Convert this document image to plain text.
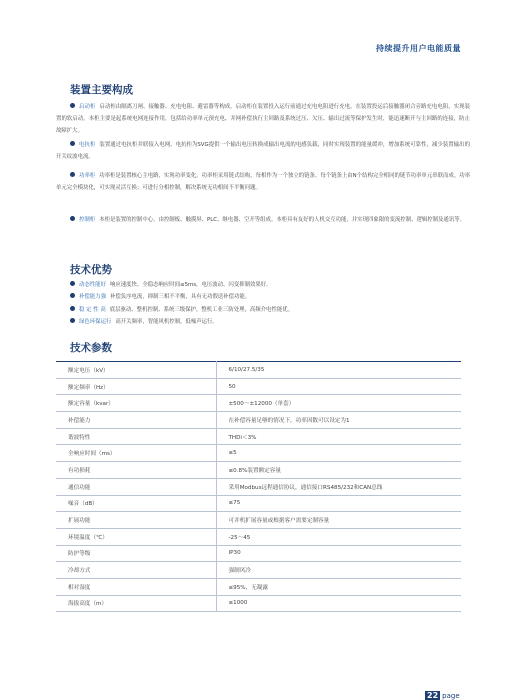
持续提升用户电能质量
装置主要构成
启动柜 启动柜由隔离刀闸、接触器、充电电阻、避雷器等构成。启动柜在装置投入运行前通过充电电阻进行充电，在装置投运后接触器闭合旁路充电电阻，实现装置的软启动。本柜主要是起系统电网连接作用，包括给功率单元预充电、并网补偿执行主回路及系统过压、欠压、输出过流等保护发生时，能迅速断开与主回路的连接，防止故障扩大。
电抗柜 装置通过电抗柜并联接入电网。电抗柜为SVG提供一个输出电压转换成输出电流的电感负载，同时实现装置的能量缓冲，增加系统可靠性，减少装置输出的开关纹波电流。
功率柜 功率柜是装置核心主电路，实现功率变化。功率柜采用链式结构，每相作为一个独立的链条。每个链条上由N个结构完全相同的链节功率单元串联而成。功率单元完全模块化，可实现灵活互换；可进行分相控制，解决系统无功相间不平衡问题。
控制柜 本柜是装置的控制中心，由控制板、触摸屏、PLC、继电器、空开等组成。本柜具有友好的人机交互功能，并实现四象限的变流控制、逻辑控制及通讯等。
技术优势
动态性能好 响应速度快、全稳态响应时间≤5ms，电压波动、闪变抑制效果好。
补偿能力强 补偿负序电流，抑制三相不平衡，具有无功假送补偿功能。
稳 定 性 高 底层驱动、整机控制、系统三级保护，整机工业三防处理，高频介电性能优。
绿色环保运行 高开关频率，智能风机控制，低噪声运行。
技术参数
额定电压（kV）	6/10/27.5/35
额定频率（Hz）	50
额定容量（kvar）	±500～±12000（单套）
补偿能力	在补偿容量足够的情况下，功率因数可以设定为1
谐波特性	THDi＜3%
全响应时间（ms）	≤5
有功损耗	≤0.8%装置额定容量
通信功能	采用Modbus远程通信协议，通信接口RS485/232和CAN总线
噪音（dB）	≤75
扩展功能	可并机扩展容量或根据客户需要定制容量
环境温度（℃）	-25～45
防护等级	IP30
冷却方式	强制风冷
相对湿度	≤95%，无凝露
海拔高度（m）	≤1000
22 page
